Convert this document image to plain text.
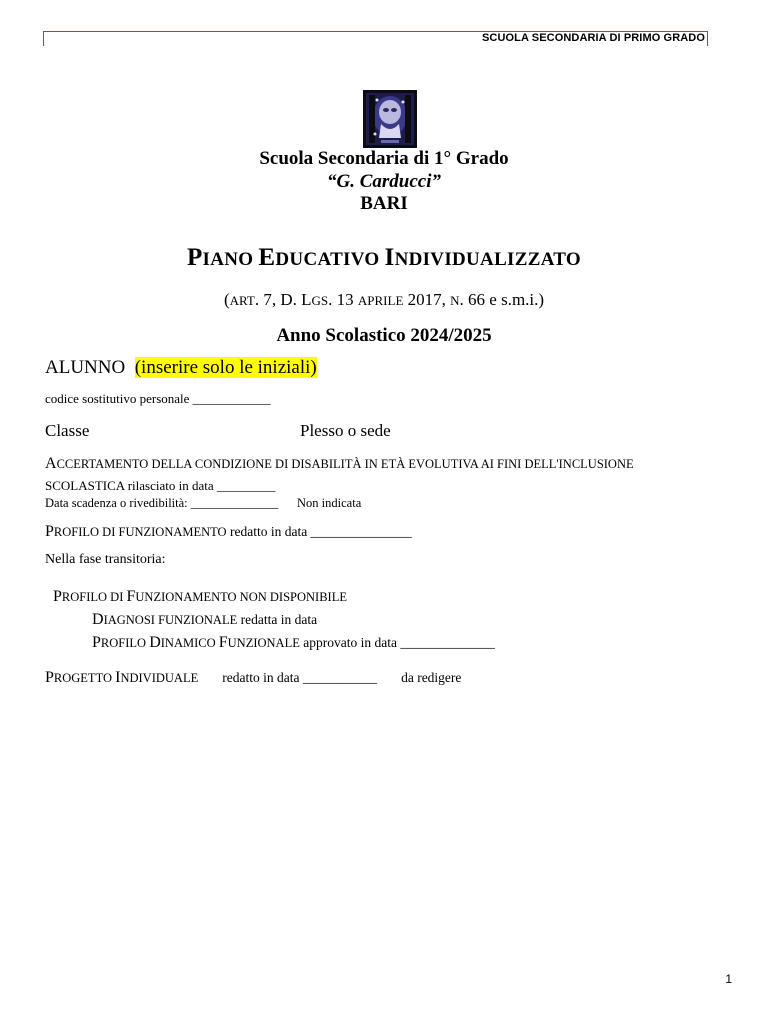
SCUOLA SECONDARIA DI PRIMO GRADO
Scuola Secondaria di 1° Grado
“G. Carducci”
BARI
PIANO EDUCATIVO INDIVIDUALIZZATO
(ART. 7, D. LGS. 13 APRILE 2017, N. 66 e s.m.i.)
Anno Scolastico 2024/2025
ALUNNO (inserire solo le iniziali)
codice sostitutivo personale ____________
Classe	Plesso o sede
ACCERTAMENTO DELLA CONDIZIONE DI DISABILITÀ IN ETÀ EVOLUTIVA AI FINI DELL'INCLUSIONE
SCOLASTICA rilasciato in data _________
Data scadenza o rivedibilità: ______________ Non indicata
PROFILO DI FUNZIONAMENTO redatto in data _______________
Nella fase transitoria:
PROFILO DI FUNZIONAMENTO NON DISPONIBILE
DIAGNOSI FUNZIONALE redatta in data
PROFILO DINAMICO FUNZIONALE approvato in data ______________
PROGETTO INDIVIDUALE redatto in data ___________ da redigere
1
